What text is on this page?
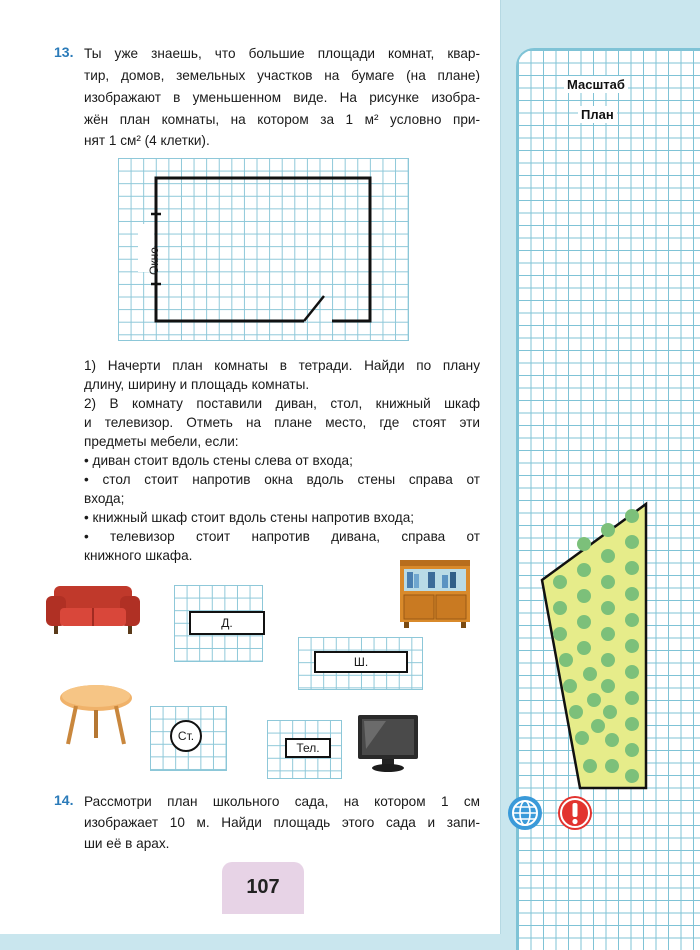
13. Ты уже знаешь, что большие площади комнат, квар-
тир, домов, земельных участков на бумаге (на плане)
изображают в уменьшенном виде. На рисунке изобра-
жён план комнаты, на котором за 1 м² условно при-
нят 1 см² (4 клетки).
Окно
1) Начерти план комнаты в тетради. Найди по плану
длину, ширину и площадь комнаты.
2) В комнату поставили диван, стол, книжный шкаф
и телевизор. Отметь на плане место, где стоят эти
предметы мебели, если:
• диван стоит вдоль стены слева от входа;
• стол стоит напротив окна вдоль стены справа от
входа;
• книжный шкаф стоит вдоль стены напротив входа;
• телевизор стоит напротив дивана, справа от
книжного шкафа.
Д.
Ш.
Ст.
Тел.
14. Рассмотри план школьного сада, на котором 1 см
изображает 10 м. Найди площадь этого сада и запи-
ши её в арах.
107
Масштаб
План
